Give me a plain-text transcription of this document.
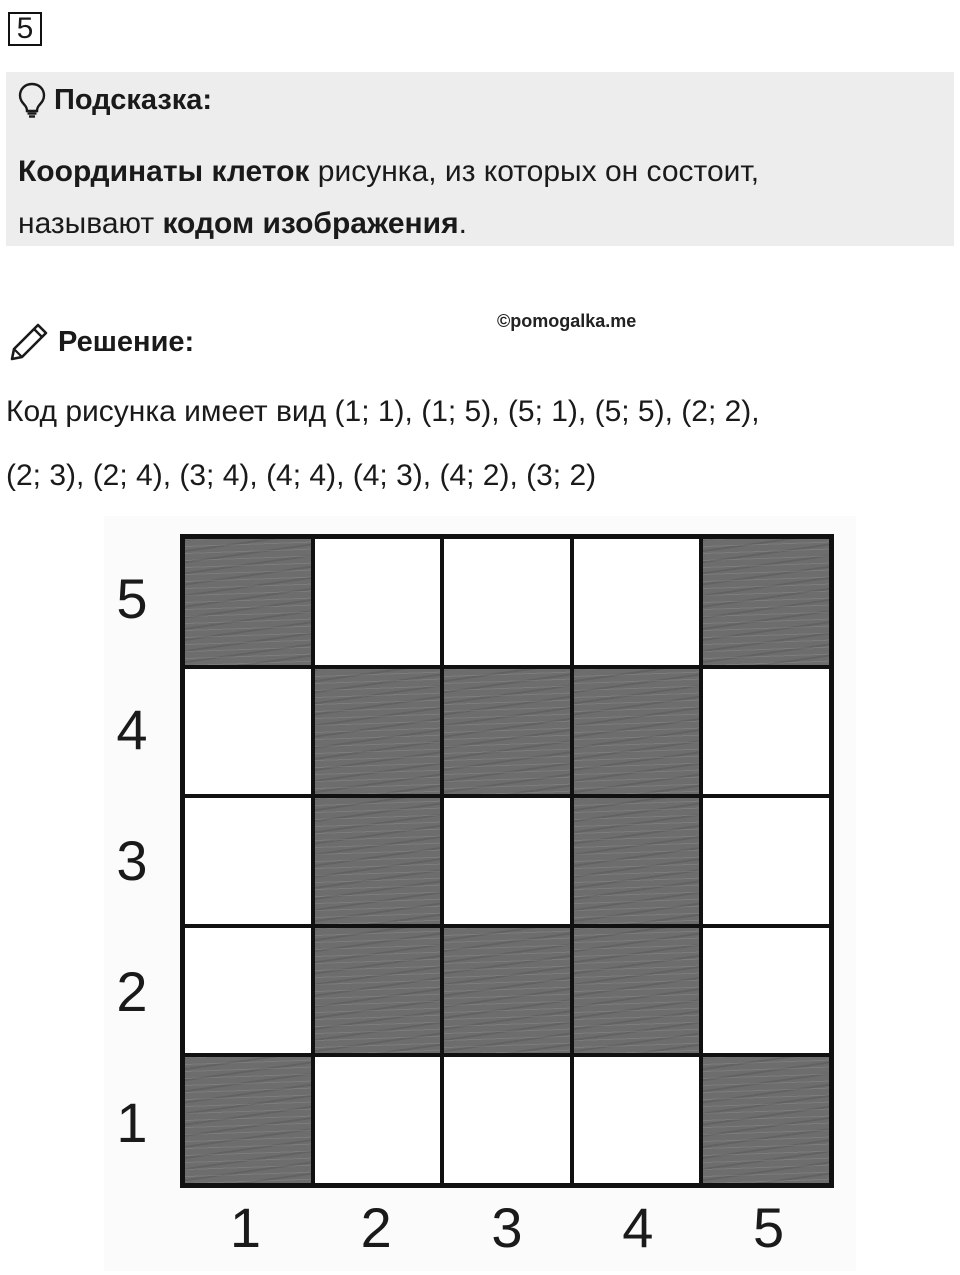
5
Подсказка:
Координаты клеток рисунка, из которых он состоит,
называют кодом изображения.
©pomogalka.me
Решение:
Код рисунка имеет вид (1; 1), (1; 5), (5; 1), (5; 5), (2; 2),
(2; 3), (2; 4), (3; 4), (4; 4), (4; 3), (4; 2), (3; 2)
5
4
3
2
1
1 2 3 4 5
